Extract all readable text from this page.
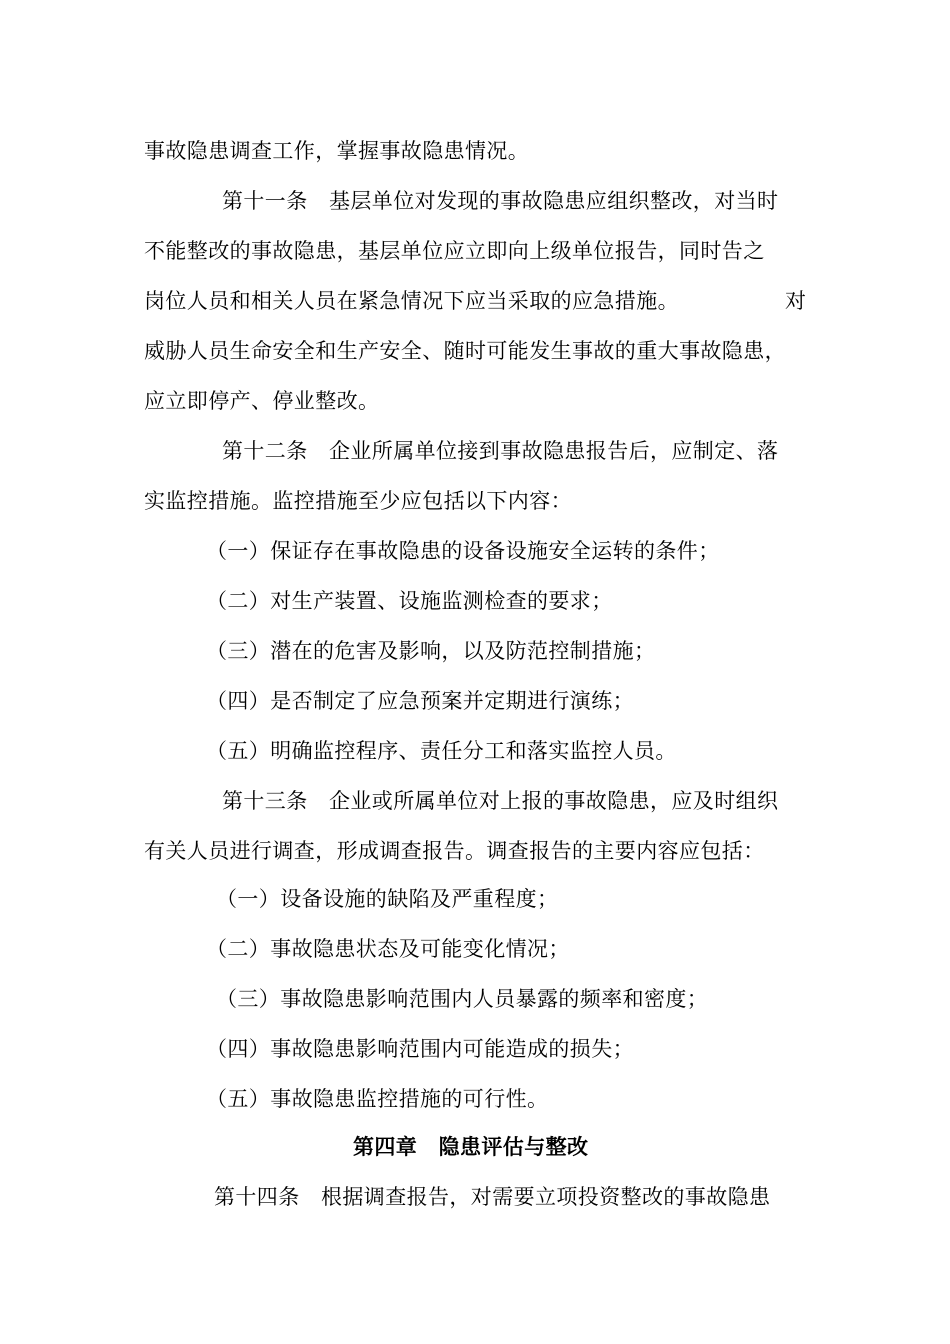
事故隐患调查工作，掌握事故隐患情况。
第十一条　基层单位对发现的事故隐患应组织整改，对当时
不能整改的事故隐患，基层单位应立即向上级单位报告，同时告之
岗位人员和相关人员在紧急情况下应当采取的应急措施。	对
威胁人员生命安全和生产安全、随时可能发生事故的重大事故隐患，
应立即停产、停业整改。
第十二条　企业所属单位接到事故隐患报告后，应制定、落
实监控措施。监控措施至少应包括以下内容：
（一）保证存在事故隐患的设备设施安全运转的条件；
（二）对生产装置、设施监测检查的要求；
（三）潜在的危害及影响，以及防范控制措施；
（四）是否制定了应急预案并定期进行演练；
（五）明确监控程序、责任分工和落实监控人员。
第十三条　企业或所属单位对上报的事故隐患，应及时组织
有关人员进行调查，形成调查报告。调查报告的主要内容应包括：
（一）设备设施的缺陷及严重程度；
（二）事故隐患状态及可能变化情况；
（三）事故隐患影响范围内人员暴露的频率和密度；
（四）事故隐患影响范围内可能造成的损失；
（五）事故隐患监控措施的可行性。
第四章　隐患评估与整改
第十四条　根据调查报告，对需要立项投资整改的事故隐患
